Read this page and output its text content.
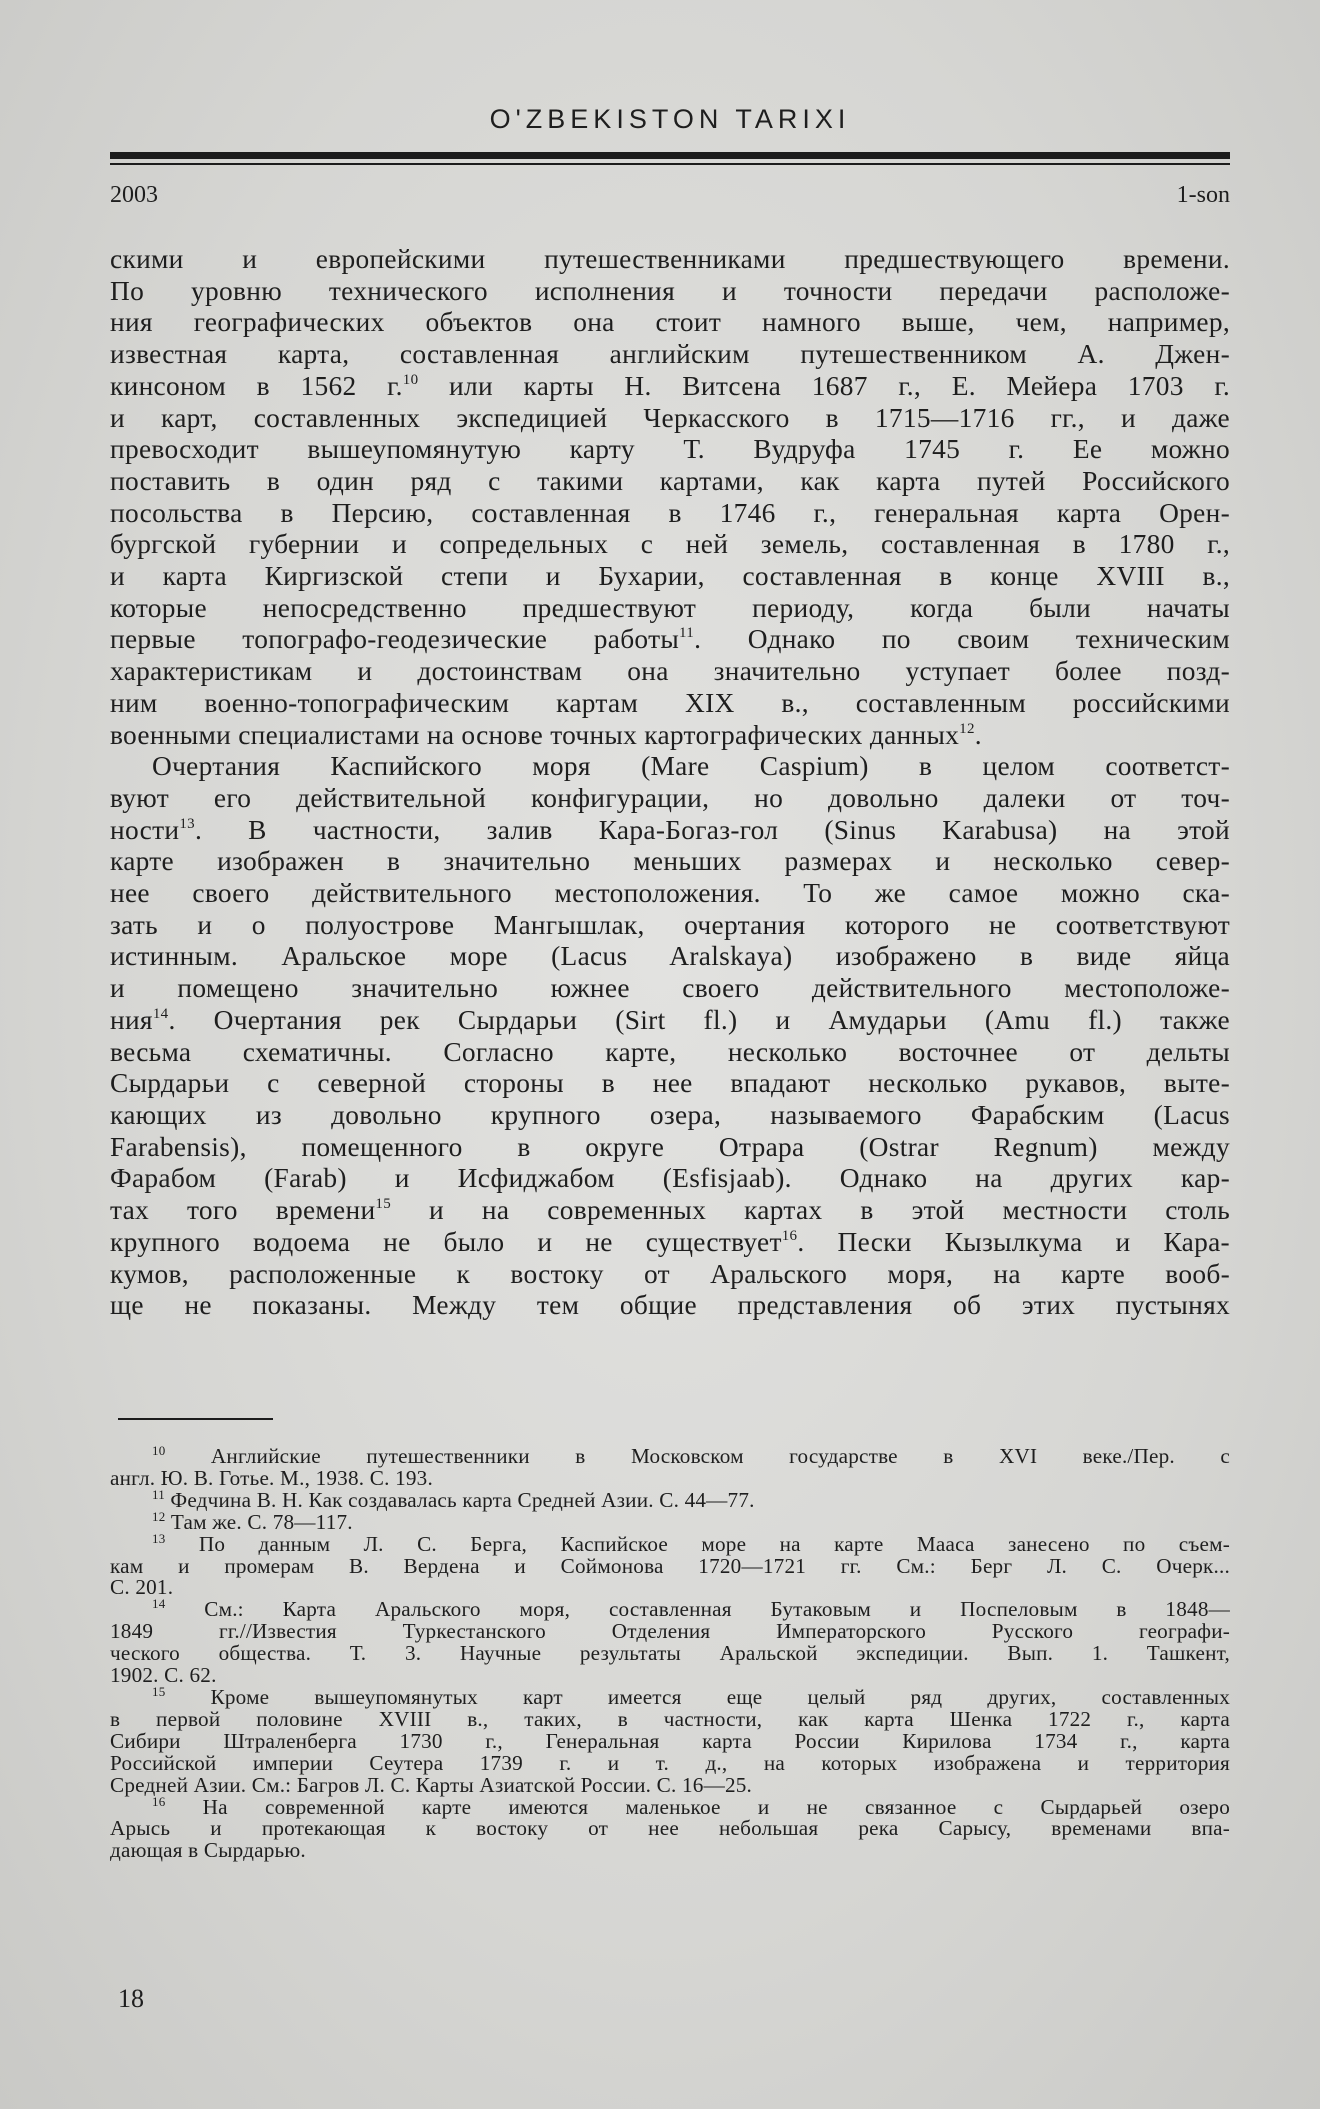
O'ZBEKISTON TARIXI
2003	1-son
скими и европейскими путешественниками предшествующего времени.
По уровню технического исполнения и точности передачи расположе-
ния географических объектов она стоит намного выше, чем, например,
известная карта, составленная английским путешественником А. Джен-
кинсоном в 1562 г.$^{10}$ или карты Н. Витсена 1687 г., Е. Мейера 1703 г.
и карт, составленных экспедицией Черкасского в 1715—1716 гг., и даже
превосходит вышеупомянутую карту Т. Вудруфа 1745 г. Ее можно
поставить в один ряд с такими картами, как карта путей Российского
посольства в Персию, составленная в 1746 г., генеральная карта Орен-
бургской губернии и сопредельных с ней земель, составленная в 1780 г.,
и карта Киргизской степи и Бухарии, составленная в конце XVIII в.,
которые непосредственно предшествуют периоду, когда были начаты
первые топографо-геодезические работы$^{11}$. Однако по своим техническим
характеристикам и достоинствам она значительно уступает более позд-
ним военно-топографическим картам XIX в., составленным российскими
военными специалистами на основе точных картографических данных$^{12}$.
Очертания Каспийского моря (Mare Caspium) в целом соответст-
вуют его действительной конфигурации, но довольно далеки от точ-
ности$^{13}$. В частности, залив Кара-Богаз-гол (Sinus Karabusa) на этой
карте изображен в значительно меньших размерах и несколько север-
нее своего действительного местоположения. То же самое можно ска-
зать и о полуострове Мангышлак, очертания которого не соответствуют
истинным. Аральское море (Lacus Aralskaya) изображено в виде яйца
и помещено значительно южнее своего действительного местоположе-
ния$^{14}$. Очертания рек Сырдарьи (Sirt fl.) и Амударьи (Amu fl.) также
весьма схематичны. Согласно карте, несколько восточнее от дельты
Сырдарьи с северной стороны в нее впадают несколько рукавов, выте-
кающих из довольно крупного озера, называемого Фарабским (Lacus
Farabensis), помещенного в округе Отрара (Ostrar Regnum) между
Фарабом (Farab) и Исфиджабом (Esfisjaab). Однако на других кар-
тах того времени$^{15}$ и на современных картах в этой местности столь
крупного водоема не было и не существует$^{16}$. Пески Кызылкума и Кара-
кумов, расположенные к востоку от Аральского моря, на карте вооб-
ще не показаны. Между тем общие представления об этих пустынях
$^{10}$ Английские путешественники в Московском государстве в XVI веке./Пер. с
англ. Ю. В. Готье. М., 1938. С. 193.
$^{11}$ Федчина В. Н. Как создавалась карта Средней Азии. С. 44—77.
$^{12}$ Там же. С. 78—117.
$^{13}$ По данным Л. С. Берга, Каспийское море на карте Мааса занесено по съем-
кам и промерам В. Вердена и Соймонова 1720—1721 гг. См.: Берг Л. С. Очерк...
С. 201.
$^{14}$ См.: Карта Аральского моря, составленная Бутаковым и Поспеловым в 1848—
1849 гг.//Известия Туркестанского Отделения Императорского Русского географи-
ческого общества. Т. 3. Научные результаты Аральской экспедиции. Вып. 1. Ташкент,
1902. С. 62.
$^{15}$ Кроме вышеупомянутых карт имеется еще целый ряд других, составленных
в первой половине XVIII в., таких, в частности, как карта Шенка 1722 г., карта
Сибири Штраленберга 1730 г., Генеральная карта России Кирилова 1734 г., карта
Российской империи Сеутера 1739 г. и т. д., на которых изображена и территория
Средней Азии. См.: Багров Л. С. Карты Азиатской России. С. 16—25.
$^{16}$ На современной карте имеются маленькое и не связанное с Сырдарьей озеро
Арысь и протекающая к востоку от нее небольшая река Сарысу, временами впа-
дающая в Сырдарью.
18
